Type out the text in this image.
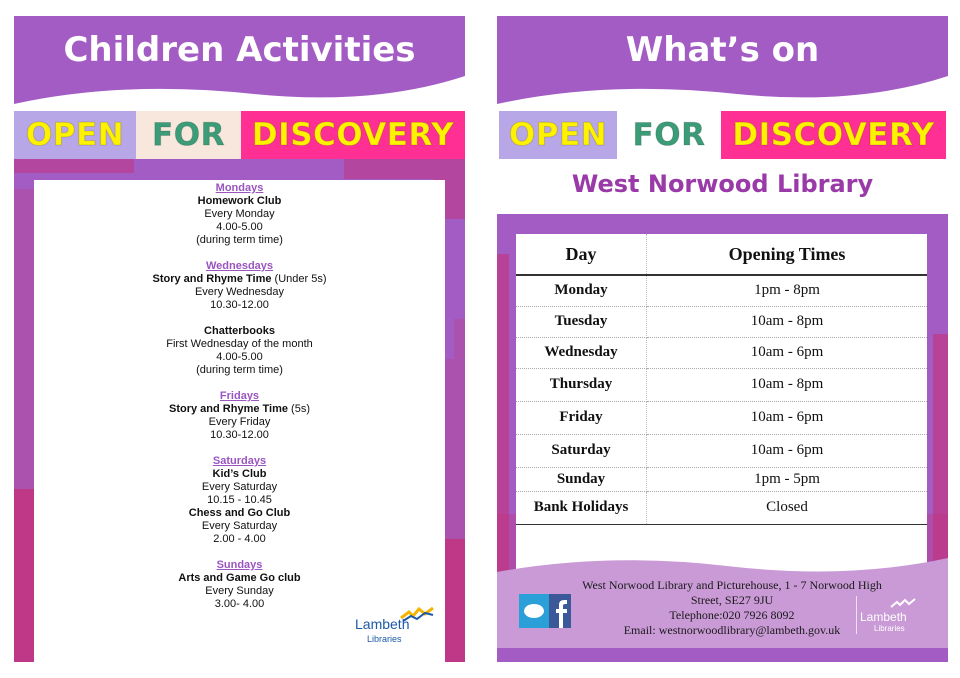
Children Activities
OPEN FOR DISCOVERY
Mondays
Homework Club
Every Monday
4.00-5.00
(during term time)
Wednesdays
Story and Rhyme Time (Under 5s)
Every Wednesday
10.30-12.00
Chatterbooks
First Wednesday of the month
4.00-5.00
(during term time)
Fridays
Story and Rhyme Time (5s)
Every Friday
10.30-12.00
Saturdays
Kid’s Club
Every Saturday
10.15 - 10.45
Chess and Go Club
Every Saturday
2.00 - 4.00
Sundays
Arts and Game Go club
Every Sunday
3.00- 4.00
Lambeth
Libraries
What’s on
OPEN FOR DISCOVERY
West Norwood Library
Day	Opening Times
Monday	1pm - 8pm
Tuesday	10am - 8pm
Wednesday	10am - 6pm
Thursday	10am - 8pm
Friday	10am - 6pm
Saturday	10am - 6pm
Sunday	1pm - 5pm
Bank Holidays	Closed
West Norwood Library and Picturehouse, 1 - 7 Norwood High
Street, SE27 9JU
Telephone:020 7926 8092
Email: westnorwoodlibrary@lambeth.gov.uk
Lambeth
Libraries
